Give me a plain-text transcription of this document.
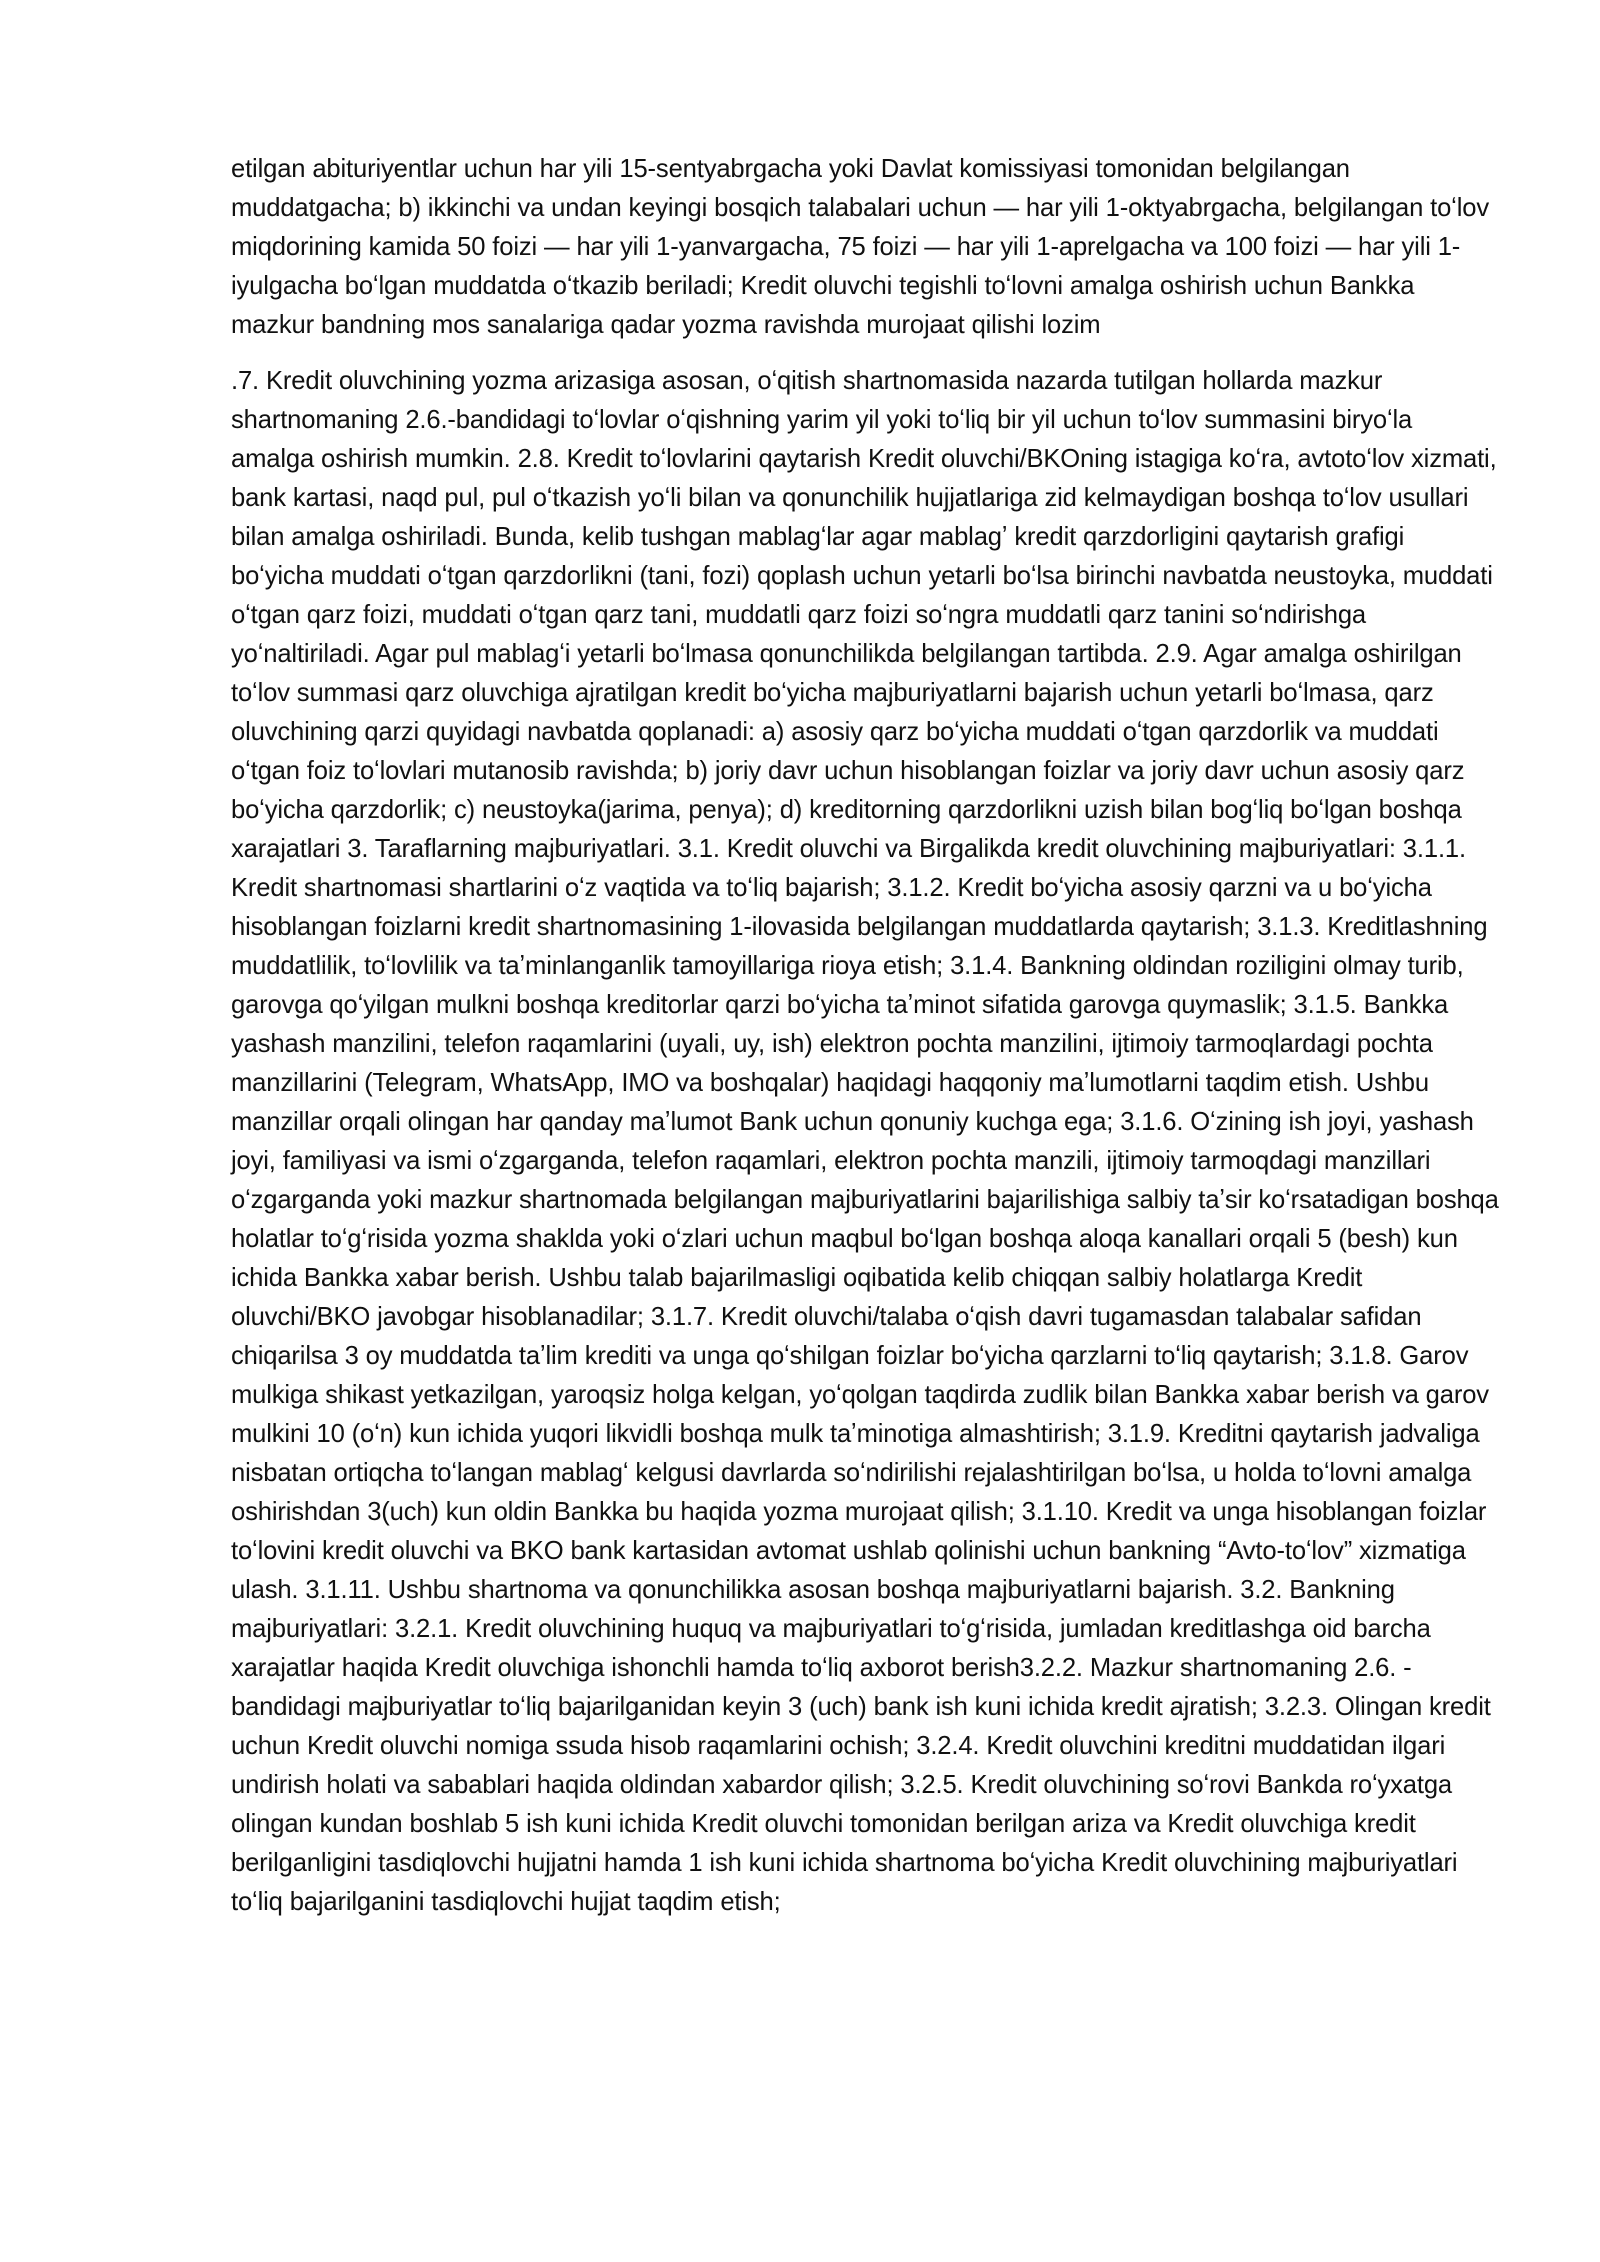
etilgan abituriyentlar uchun har yili 15-sentyabrgacha yoki Davlat komissiyasi tomonidan belgilangan muddatgacha; b) ikkinchi va undan keyingi bosqich talabalari uchun — har yili 1-oktyabrgacha, belgilangan toʻlov miqdorining kamida 50 foizi — har yili 1-yanvargacha, 75 foizi — har yili 1-aprelgacha va 100 foizi — har yili 1-iyulgacha boʻlgan muddatda oʻtkazib beriladi; Kredit oluvchi tegishli toʻlovni amalga oshirish uchun Bankka mazkur bandning mos sanalariga qadar yozma ravishda murojaat qilishi lozim

.7. Kredit oluvchining yozma arizasiga asosan, oʻqitish shartnomasida nazarda tutilgan hollarda mazkur shartnomaning 2.6.-bandidagi toʻlovlar oʻqishning yarim yil yoki toʻliq bir yil uchun toʻlov summasini biryoʻla amalga oshirish mumkin. 2.8. Kredit toʻlovlarini qaytarish Kredit oluvchi/BKOning istagiga koʻra, avtotoʻlov xizmati, bank kartasi, naqd pul, pul oʻtkazish yoʻli bilan va qonunchilik hujjatlariga zid kelmaydigan boshqa toʻlov usullari bilan amalga oshiriladi. Bunda, kelib tushgan mablagʻlar agar mablagʼ kredit qarzdorligini qaytarish grafigi boʻyicha muddati oʻtgan qarzdorlikni (tani, fozi) qoplash uchun yetarli boʻlsa birinchi navbatda neustoyka, muddati oʻtgan qarz foizi, muddati oʻtgan qarz tani, muddatli qarz foizi soʻngra muddatli qarz tanini soʻndirishga yoʻnaltiriladi. Agar pul mablagʻi yetarli boʻlmasa qonunchilikda belgilangan tartibda. 2.9. Agar amalga oshirilgan toʻlov summasi qarz oluvchiga ajratilgan kredit boʻyicha majburiyatlarni bajarish uchun yetarli boʻlmasa, qarz oluvchining qarzi quyidagi navbatda qoplanadi: a) asosiy qarz boʻyicha muddati oʻtgan qarzdorlik va muddati oʻtgan foiz toʻlovlari mutanosib ravishda; b) joriy davr uchun hisoblangan foizlar va joriy davr uchun asosiy qarz boʻyicha qarzdorlik; c) neustoyka(jarima, penya); d) kreditorning qarzdorlikni uzish bilan bogʻliq boʻlgan boshqa xarajatlari 3. Taraflarning majburiyatlari. 3.1. Kredit oluvchi va Birgalikda kredit oluvchining majburiyatlari: 3.1.1. Kredit shartnomasi shartlarini oʻz vaqtida va toʻliq bajarish; 3.1.2. Kredit boʻyicha asosiy qarzni va u boʻyicha hisoblangan foizlarni kredit shartnomasining 1-ilovasida belgilangan muddatlarda qaytarish; 3.1.3. Kreditlashning muddatlilik, toʻlovlilik va taʼminlanganlik tamoyillariga rioya etish; 3.1.4. Bankning oldindan roziligini olmay turib, garovga qoʻyilgan mulkni boshqa kreditorlar qarzi boʻyicha taʼminot sifatida garovga quymaslik; 3.1.5. Bankka yashash manzilini, telefon raqamlarini (uyali, uy, ish) elektron pochta manzilini, ijtimoiy tarmoqlardagi pochta manzillarini (Telegram, WhatsApp, IMO va boshqalar) haqidagi haqqoniy maʼlumotlarni taqdim etish. Ushbu manzillar orqali olingan har qanday maʼlumot Bank uchun qonuniy kuchga ega; 3.1.6. Oʻzining ish joyi, yashash joyi, familiyasi va ismi oʻzgarganda, telefon raqamlari, elektron pochta manzili, ijtimoiy tarmoqdagi manzillari oʻzgarganda yoki mazkur shartnomada belgilangan majburiyatlarini bajarilishiga salbiy taʼsir koʻrsatadigan boshqa holatlar toʻgʻrisida yozma shaklda yoki oʻzlari uchun maqbul boʻlgan boshqa aloqa kanallari orqali 5 (besh) kun ichida Bankka xabar berish. Ushbu talab bajarilmasligi oqibatida kelib chiqqan salbiy holatlarga Kredit oluvchi/BKO javobgar hisoblanadilar; 3.1.7. Kredit oluvchi/talaba oʻqish davri tugamasdan talabalar safidan chiqarilsa 3 oy muddatda taʼlim krediti va unga qoʻshilgan foizlar boʻyicha qarzlarni toʻliq qaytarish; 3.1.8. Garov mulkiga shikast yetkazilgan, yaroqsiz holga kelgan, yoʻqolgan taqdirda zudlik bilan Bankka xabar berish va garov mulkini 10 (oʻn) kun ichida yuqori likvidli boshqa mulk taʼminotiga almashtirish; 3.1.9. Kreditni qaytarish jadvaliga nisbatan ortiqcha toʻlangan mablagʻ kelgusi davrlarda soʻndirilishi rejalashtirilgan boʻlsa, u holda toʻlovni amalga oshirishdan 3(uch) kun oldin Bankka bu haqida yozma murojaat qilish; 3.1.10. Kredit va unga hisoblangan foizlar toʻlovini kredit oluvchi va BKO bank kartasidan avtomat ushlab qolinishi uchun bankning “Avto-toʻlov” xizmatiga ulash. 3.1.11. Ushbu shartnoma va qonunchilikka asosan boshqa majburiyatlarni bajarish. 3.2. Bankning majburiyatlari: 3.2.1. Kredit oluvchining huquq va majburiyatlari toʻgʻrisida, jumladan kreditlashga oid barcha xarajatlar haqida Kredit oluvchiga ishonchli hamda toʻliq axborot berish3.2.2. Mazkur shartnomaning 2.6. - bandidagi majburiyatlar toʻliq bajarilganidan keyin 3 (uch) bank ish kuni ichida kredit ajratish; 3.2.3. Olingan kredit uchun Kredit oluvchi nomiga ssuda hisob raqamlarini ochish; 3.2.4. Kredit oluvchini kreditni muddatidan ilgari undirish holati va sabablari haqida oldindan xabardor qilish; 3.2.5. Kredit oluvchining soʻrovi Bankda roʻyxatga olingan kundan boshlab 5 ish kuni ichida Kredit oluvchi tomonidan berilgan ariza va Kredit oluvchiga kredit berilganligini tasdiqlovchi hujjatni hamda 1 ish kuni ichida shartnoma boʻyicha Kredit oluvchining majburiyatlari toʻliq bajarilganini tasdiqlovchi hujjat taqdim etish;
